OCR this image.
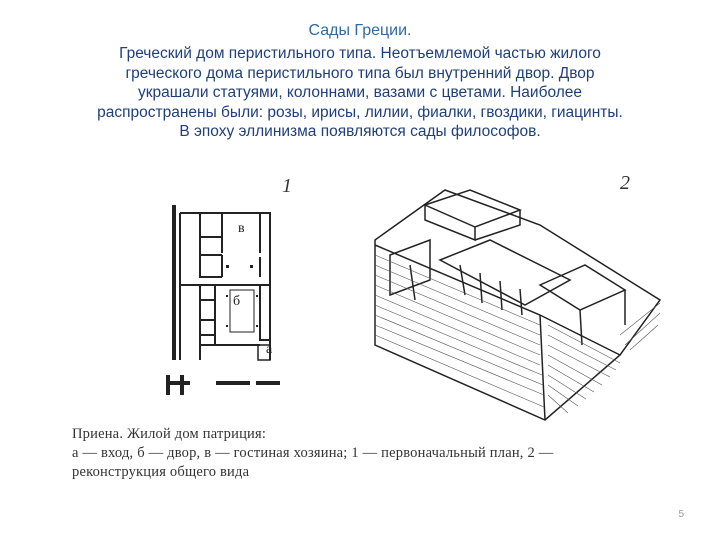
Сады Греции.
Греческий дом перистильного типа. Неотъемлемой частью жилого
греческого дома перистильного типа был внутренний двор. Двор
украшали статуями, колоннами, вазами с цветами. Наиболее
распространены были: розы, ирисы, лилии, фиалки, гвоздики, гиацинты.
В эпоху эллинизма появляются сады философов.
в
б
а
1	2
Приена. Жилой дом патриция:
а — вход, б — двор, в — гостиная хозяина; 1 — первоначальный план, 2 —
реконструкция общего вида
5
